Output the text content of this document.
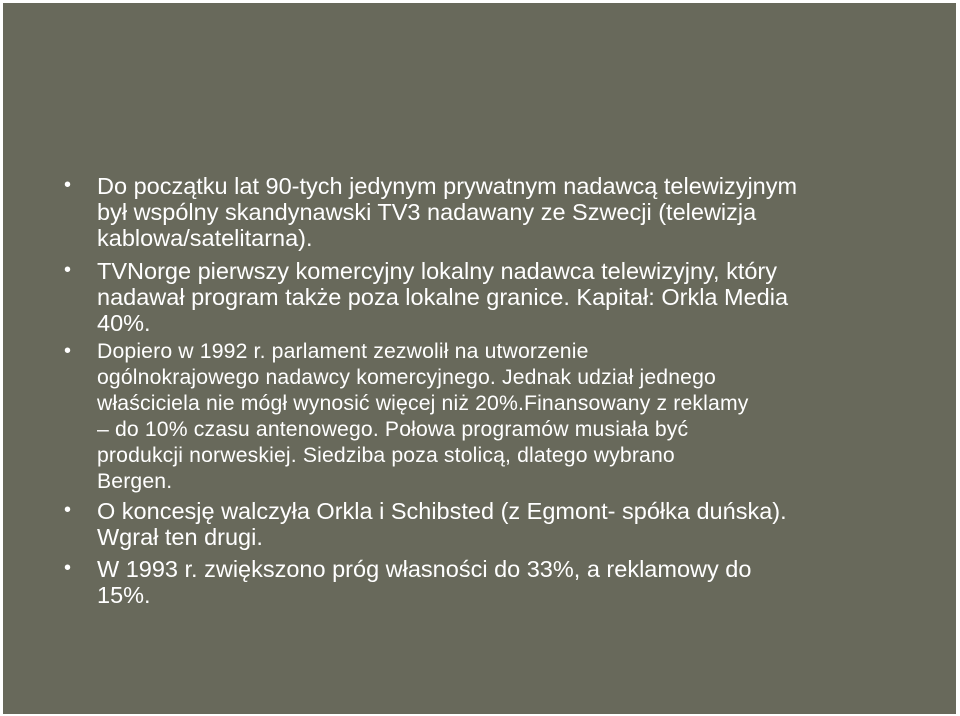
• Do początku lat 90-tych jedynym prywatnym nadawcą telewizyjnym
był wspólny skandynawski TV3 nadawany ze Szwecji (telewizja
kablowa/satelitarna).
• TVNorge pierwszy komercyjny lokalny nadawca telewizyjny, który
nadawał program także poza lokalne granice. Kapitał: Orkla Media
40%.
• Dopiero w 1992 r. parlament zezwolił na utworzenie
ogólnokrajowego nadawcy komercyjnego. Jednak udział jednego
właściciela nie mógł wynosić więcej niż 20%.Finansowany z reklamy
– do 10% czasu antenowego. Połowa programów musiała być
produkcji norweskiej. Siedziba poza stolicą, dlatego wybrano
Bergen.
• O koncesję walczyła Orkla i Schibsted (z Egmont- spółka duńska).
Wgrał ten drugi.
• W 1993 r. zwiększono próg własności do 33%, a reklamowy do
15%.
